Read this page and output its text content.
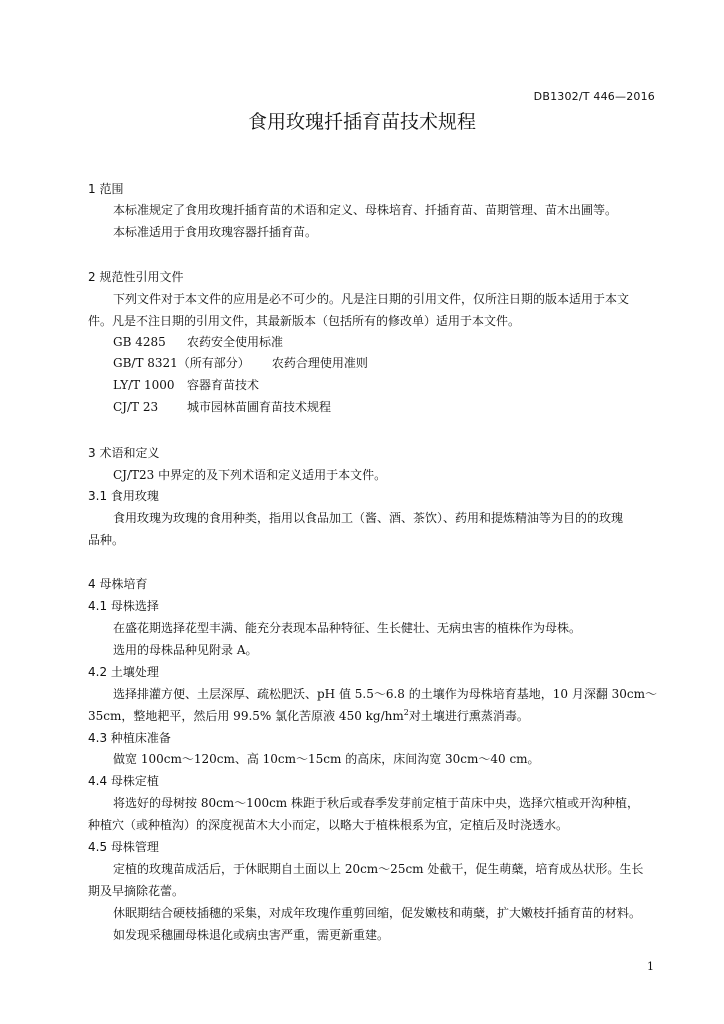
DB1302/T 446—2016
食用玫瑰扦插育苗技术规程
1 范围
本标准规定了食用玫瑰扦插育苗的术语和定义、母株培育、扦插育苗、苗期管理、苗木出圃等。
本标准适用于食用玫瑰容器扦插育苗。
2 规范性引用文件
下列文件对于本文件的应用是必不可少的。凡是注日期的引用文件，仅所注日期的版本适用于本文
件。凡是不注日期的引用文件，其最新版本（包括所有的修改单）适用于本文件。
GB 4285 农药安全使用标准
GB/T 8321（所有部分） 农药合理使用准则
LY/T 1000 容器育苗技术
CJ/T 23 城市园林苗圃育苗技术规程
3 术语和定义
CJ/T23 中界定的及下列术语和定义适用于本文件。
3.1 食用玫瑰
食用玫瑰为玫瑰的食用种类，指用以食品加工（酱、酒、茶饮）、药用和提炼精油等为目的的玫瑰
品种。
4 母株培育
4.1 母株选择
在盛花期选择花型丰满、能充分表现本品种特征、生长健壮、无病虫害的植株作为母株。
选用的母株品种见附录 A。
4.2 土壤处理
选择排灌方便、土层深厚、疏松肥沃、pH 值 5.5～6.8 的土壤作为母株培育基地，10 月深翻 30cm～
35cm，整地耙平，然后用 99.5% 氯化苦原液 450 $kg/hm^2$对土壤进行熏蒸消毒。
4.3 种植床准备
做宽 100cm～120cm、高 10cm～15cm 的高床，床间沟宽 30cm～40 cm。
4.4 母株定植
将选好的母树按 80cm～100cm 株距于秋后或春季发芽前定植于苗床中央，选择穴植或开沟种植，
种植穴（或种植沟）的深度视苗木大小而定，以略大于植株根系为宜，定植后及时浇透水。
4.5 母株管理
定植的玫瑰苗成活后，于休眠期自土面以上 20cm～25cm 处截干，促生萌蘖，培育成丛状形。生长
期及早摘除花蕾。
休眠期结合硬枝插穗的采集，对成年玫瑰作重剪回缩，促发嫩枝和萌蘖，扩大嫩枝扦插育苗的材料。
如发现采穗圃母株退化或病虫害严重，需更新重建。
1
